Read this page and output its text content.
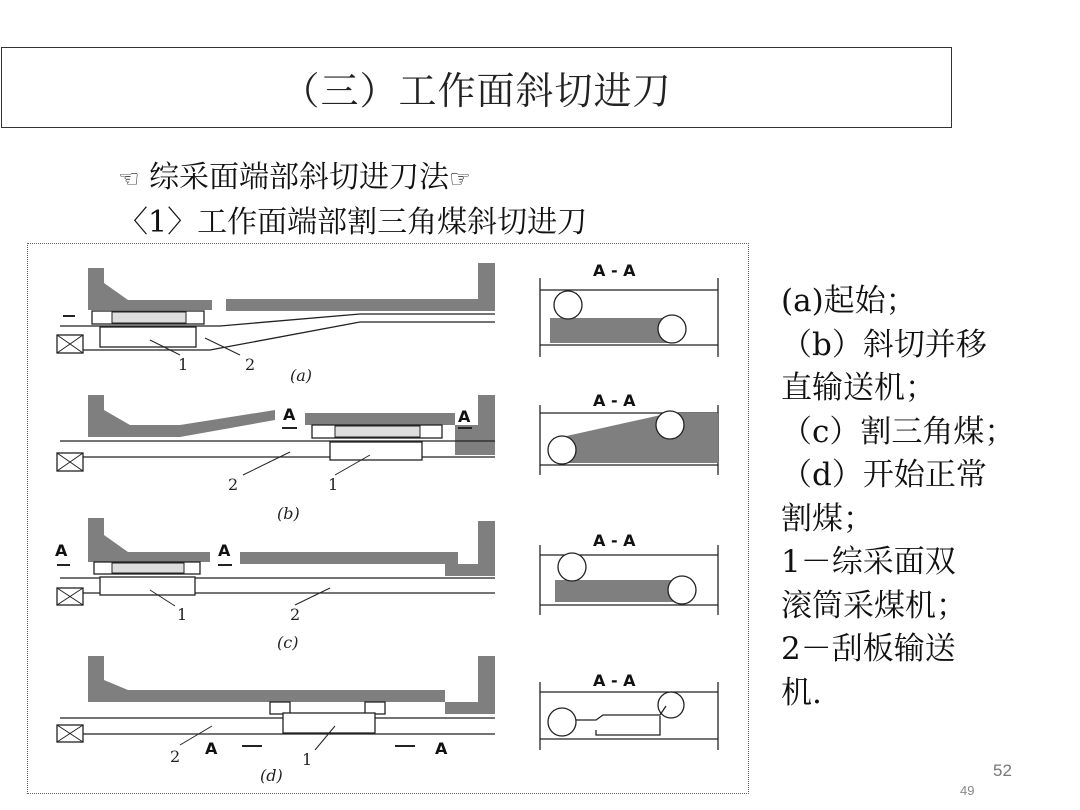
（三）工作面斜切进刀
☜ 综采面端部斜切进刀法☞
〈1〉工作面端部割三角煤斜切进刀
1	2
(a)
A	A
2	1
(b)
A	A
1	2
(c)
2	1
A	A
(d)
A - A
A - A
A - A
A - A
(a)起始；
（b）斜切并移
直输送机；
（c）割三角煤；
（d）开始正常
割煤；
1－综采面双
滚筒采煤机；
2－刮板输送
机.
52
49
